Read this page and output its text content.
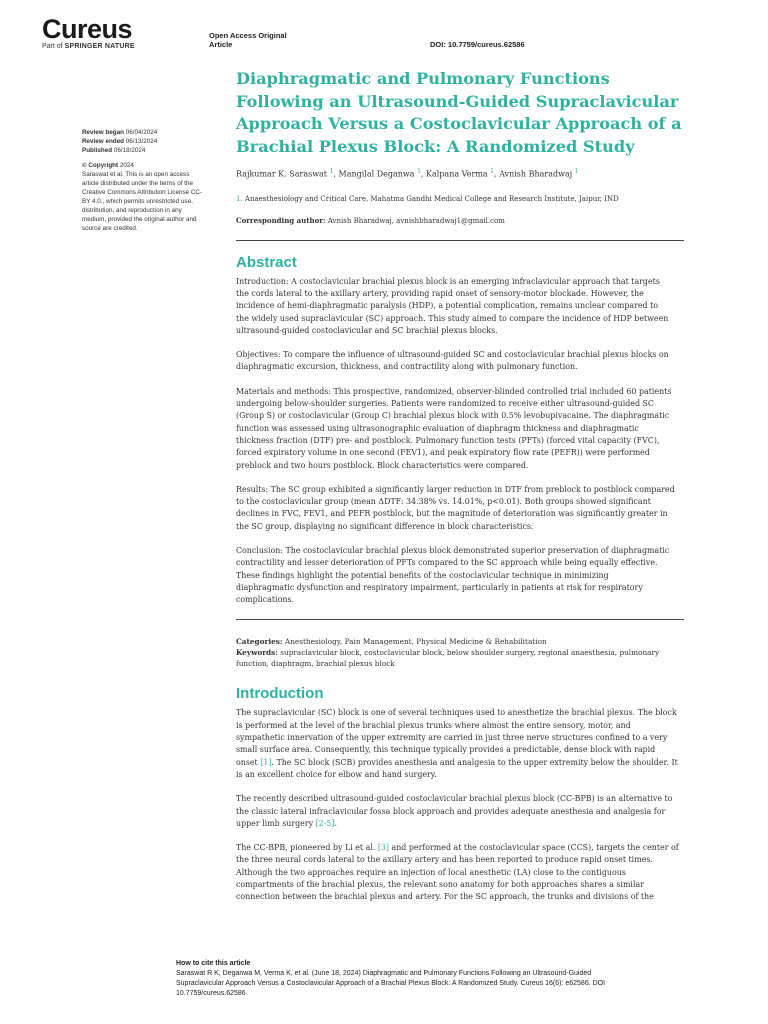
Cureus
Part of SPRINGER NATURE
Open Access Original
Article	DOI: 10.7759/cureus.62586
Review began 06/04/2024
Review ended 06/13/2024
Published 06/18/2024
© Copyright 2024
Saraswat et al. This is an open access
article distributed under the terms of the
Creative Commons Attribution License CC-
BY 4.0., which permits unrestricted use,
distribution, and reproduction in any
medium, provided the original author and
source are credited.
Diaphragmatic and Pulmonary Functions
Following an Ultrasound-Guided Supraclavicular
Approach Versus a Costoclavicular Approach of a
Brachial Plexus Block: A Randomized Study
Rajkumar K. Saraswat $^1$, Mangilal Deganwa $^1$, Kalpana Verma $^1$, Avnish Bharadwaj $^1$
1. Anaesthesiology and Critical Care, Mahatma Gandhi Medical College and Research Institute, Jaipur, IND
Corresponding author: Avnish Bharadwaj, avnishbharadwaj1@gmail.com
Abstract
Introduction: A costoclavicular brachial plexus block is an emerging infraclavicular approach that targets
the cords lateral to the axillary artery, providing rapid onset of sensory-motor blockade. However, the
incidence of hemi-diaphragmatic paralysis (HDP), a potential complication, remains unclear compared to
the widely used supraclavicular (SC) approach. This study aimed to compare the incidence of HDP between
ultrasound-guided costoclavicular and SC brachial plexus blocks.
Objectives: To compare the influence of ultrasound-guided SC and costoclavicular brachial plexus blocks on
diaphragmatic excursion, thickness, and contractility along with pulmonary function.
Materials and methods: This prospective, randomized, observer-blinded controlled trial included 60 patients
undergoing below-shoulder surgeries. Patients were randomized to receive either ultrasound-guided SC
(Group S) or costoclavicular (Group C) brachial plexus block with 0.5% levobupivacaine. The diaphragmatic
function was assessed using ultrasonographic evaluation of diaphragm thickness and diaphragmatic
thickness fraction (DTF) pre- and postblock. Pulmonary function tests (PFTs) (forced vital capacity (FVC),
forced expiratory volume in one second (FEV1), and peak expiratory flow rate (PEFR)) were performed
preblock and two hours postblock. Block characteristics were compared.
Results: The SC group exhibited a significantly larger reduction in DTF from preblock to postblock compared
to the costoclavicular group (mean ΔDTF: 34.38% vs. 14.01%, p<0.01). Both groups showed significant
declines in FVC, FEV1, and PEFR postblock, but the magnitude of deterioration was significantly greater in
the SC group, displaying no significant difference in block characteristics.
Conclusion: The costoclavicular brachial plexus block demonstrated superior preservation of diaphragmatic
contractility and lesser deterioration of PFTs compared to the SC approach while being equally effective.
These findings highlight the potential benefits of the costoclavicular technique in minimizing
diaphragmatic dysfunction and respiratory impairment, particularly in patients at risk for respiratory
complications.
Categories: Anesthesiology, Pain Management, Physical Medicine & Rehabilitation
Keywords: supraclavicular block, costoclavicular block, below shoulder surgery, regional anaesthesia, pulmonary
function, diaphragm, brachial plexus block
Introduction
The supraclavicular (SC) block is one of several techniques used to anesthetize the brachial plexus. The block
is performed at the level of the brachial plexus trunks where almost the entire sensory, motor, and
sympathetic innervation of the upper extremity are carried in just three nerve structures confined to a very
small surface area. Consequently, this technique typically provides a predictable, dense block with rapid
onset [1]. The SC block (SCB) provides anesthesia and analgesia to the upper extremity below the shoulder. It
is an excellent choice for elbow and hand surgery.
The recently described ultrasound-guided costoclavicular brachial plexus block (CC-BPB) is an alternative to
the classic lateral infraclavicular fossa block approach and provides adequate anesthesia and analgesia for
upper limb surgery [2-5].
The CC-BPB, pioneered by Li et al. [3] and performed at the costoclavicular space (CCS), targets the center of
the three neural cords lateral to the axillary artery and has been reported to produce rapid onset times.
Although the two approaches require an injection of local anesthetic (LA) close to the contiguous
compartments of the brachial plexus, the relevant sono anatomy for both approaches shares a similar
connection between the brachial plexus and artery. For the SC approach, the trunks and divisions of the
How to cite this article
Saraswat R K, Deganwa M, Verma K, et al. (June 18, 2024) Diaphragmatic and Pulmonary Functions Following an Ultrasound-Guided
Supraclavicular Approach Versus a Costoclavicular Approach of a Brachial Plexus Block: A Randomized Study. Cureus 16(6): e62586. DOI
10.7759/cureus.62586
